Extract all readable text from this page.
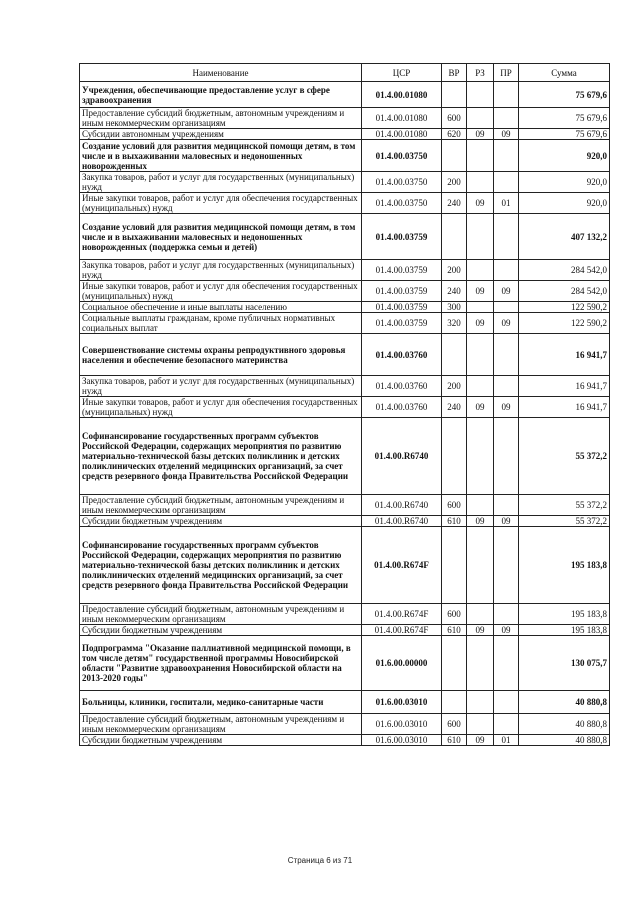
Наименование	ЦСР	ВР	РЗ	ПР	Сумма
Учреждения, обеспечивающие предоставление услуг в сфере здравоохранения	01.4.00.01080				75 679,6
Предоставление субсидий бюджетным, автономным учреждениям и иным некоммерческим организациям	01.4.00.01080	600			75 679,6
Субсидии автономным учреждениям	01.4.00.01080	620	09	09	75 679,6
Создание условий для развития медицинской помощи детям, в том числе и в выхаживании маловесных и недоношенных новорожденных	01.4.00.03750				920,0
Закупка товаров, работ и услуг для государственных (муниципальных) нужд	01.4.00.03750	200			920,0
Иные закупки товаров, работ и услуг для обеспечения государственных (муниципальных) нужд	01.4.00.03750	240	09	01	920,0
Создание условий для развития медицинской помощи детям, в том числе и в выхаживании маловесных и недоношенных новорожденных (поддержка семьи и детей)	01.4.00.03759				407 132,2
Закупка товаров, работ и услуг для государственных (муниципальных) нужд	01.4.00.03759	200			284 542,0
Иные закупки товаров, работ и услуг для обеспечения государственных (муниципальных) нужд	01.4.00.03759	240	09	09	284 542,0
Социальное обеспечение и иные выплаты населению	01.4.00.03759	300			122 590,2
Социальные выплаты гражданам, кроме публичных нормативных социальных выплат	01.4.00.03759	320	09	09	122 590,2
Совершенствование системы охраны репродуктивного здоровья населения и обеспечение безопасного материнства	01.4.00.03760				16 941,7
Закупка товаров, работ и услуг для государственных (муниципальных) нужд	01.4.00.03760	200			16 941,7
Иные закупки товаров, работ и услуг для обеспечения государственных (муниципальных) нужд	01.4.00.03760	240	09	09	16 941,7
Софинансирование государственных программ субъектов Российской Федерации, содержащих мероприятия по развитию материально-технической базы детских поликлиник и детских поликлинических отделений медицинских организаций, за счет средств резервного фонда Правительства Российской Федерации	01.4.00.R6740				55 372,2
Предоставление субсидий бюджетным, автономным учреждениям и иным некоммерческим организациям	01.4.00.R6740	600			55 372,2
Субсидии бюджетным учреждениям	01.4.00.R6740	610	09	09	55 372,2
Софинансирование государственных программ субъектов Российской Федерации, содержащих мероприятия по развитию материально-технической базы детских поликлиник и детских поликлинических отделений медицинских организаций, за счет средств резервного фонда Правительства Российской Федерации	01.4.00.R674F				195 183,8
Предоставление субсидий бюджетным, автономным учреждениям и иным некоммерческим организациям	01.4.00.R674F	600			195 183,8
Субсидии бюджетным учреждениям	01.4.00.R674F	610	09	09	195 183,8
Подпрограмма "Оказание паллиативной медицинской помощи, в том числе детям" государственной программы Новосибирской области "Развитие здравоохранения Новосибирской области на 2013-2020 годы"	01.6.00.00000				130 075,7
Больницы, клиники, госпитали, медико-санитарные части	01.6.00.03010				40 880,8
Предоставление субсидий бюджетным, автономным учреждениям и иным некоммерческим организациям	01.6.00.03010	600			40 880,8
Субсидии бюджетным учреждениям	01.6.00.03010	610	09	01	40 880,8
Страница 6 из 71
